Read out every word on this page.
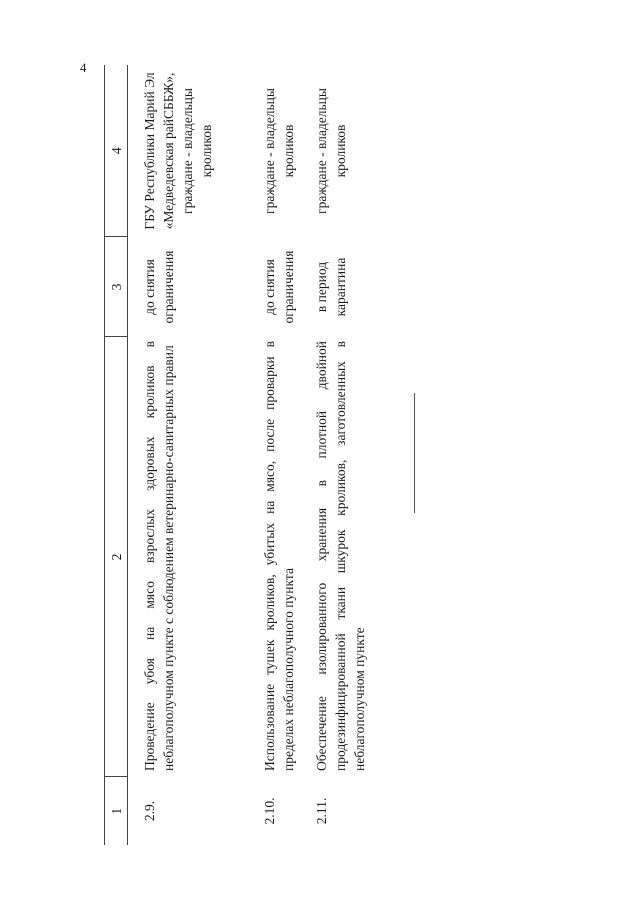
4
1	2	3	4
2.9.	Проведение убоя на мясо взрослых здоровых кроликов в неблагополучном пункте с соблюдением ветеринарно-санитарных правил	до снятия ограничения	ГБУ Республики Марий Эл «Медведевская райСББЖ», граждане - владельцы кроликов
2.10.	Использование тушек кроликов, убитых на мясо, после проварки в пределах неблагополучного пункта	до снятия ограничения	граждане - владельцы кроликов
2.11.	Обеспечение изолированного хранения в плотной двойной продезинфицированной ткани шкурок кроликов, заготовленных в неблагополучном пункте	в период карантина	граждане - владельцы кроликов
